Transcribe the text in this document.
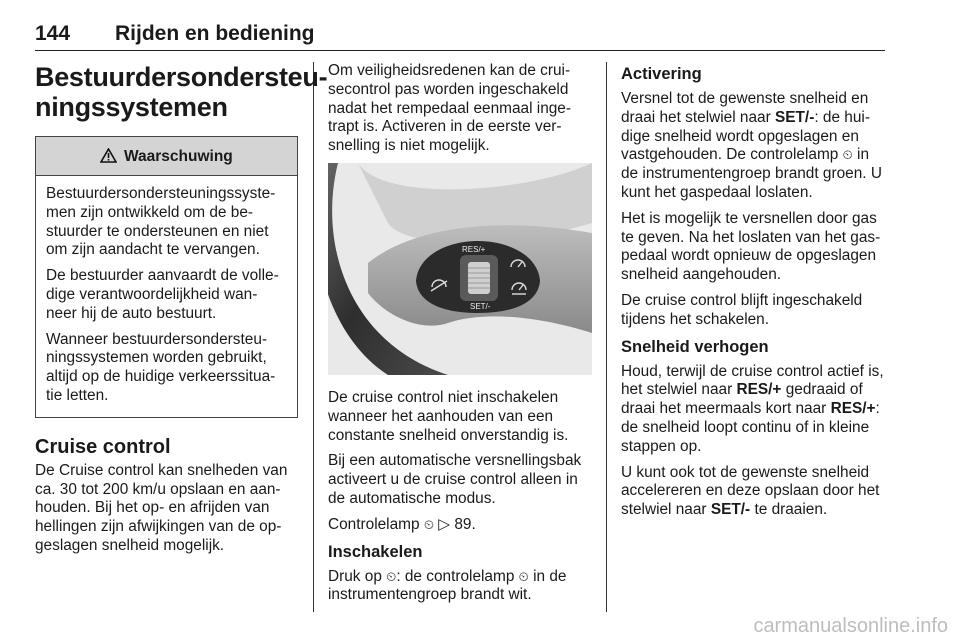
144 Rijden en bediening
Bestuurdersondersteu-
ningssystemen
Waarschuwing

Bestuurdersondersteuningssyste-men zijn ontwikkeld om de be-stuurder te ondersteunen en niet om zijn aandacht te vervangen.

De bestuurder aanvaardt de volle-dige verantwoordelijkheid wan-neer hij de auto bestuurt.

Wanneer bestuurdersondersteu-ningssystemen worden gebruikt, altijd op de huidige verkeerssitua-tie letten.

Cruise control

De Cruise control kan snelheden van ca. 30 tot 200 km/u opslaan en aan-houden. Bij het op- en afrijden van hellingen zijn afwijkingen van de op-geslagen snelheid mogelijk.

Om veiligheidsredenen kan de crui-secontrol pas worden ingeschakeld nadat het rempedaal eenmaal inge-trapt is. Activeren in de eerste ver-snelling is niet mogelijk.

RES/+
SET/-

De cruise control niet inschakelen wanneer het aanhouden van een constante snelheid onverstandig is.

Bij een automatische versnellingsbak activeert u de cruise control alleen in de automatische modus.

Controlelamp ⏲ ▷ 89.

Inschakelen

Druk op ⏲: de controlelamp ⏲ in de instrumentengroep brandt wit.

Activering

Versnel tot de gewenste snelheid en draai het stelwiel naar SET/-: de hui-dige snelheid wordt opgeslagen en vastgehouden. De controlelamp ⏲ in de instrumentengroep brandt groen. U kunt het gaspedaal loslaten.

Het is mogelijk te versnellen door gas te geven. Na het loslaten van het gas-pedaal wordt opnieuw de opgeslagen snelheid aangehouden.

De cruise control blijft ingeschakeld tijdens het schakelen.

Snelheid verhogen

Houd, terwijl de cruise control actief is, het stelwiel naar RES/+ gedraaid of draai het meermaals kort naar RES/+: de snelheid loopt continu of in kleine stappen op.

U kunt ook tot de gewenste snelheid accelereren en deze opslaan door het stelwiel naar SET/- te draaien.

carmanualsonline.info
